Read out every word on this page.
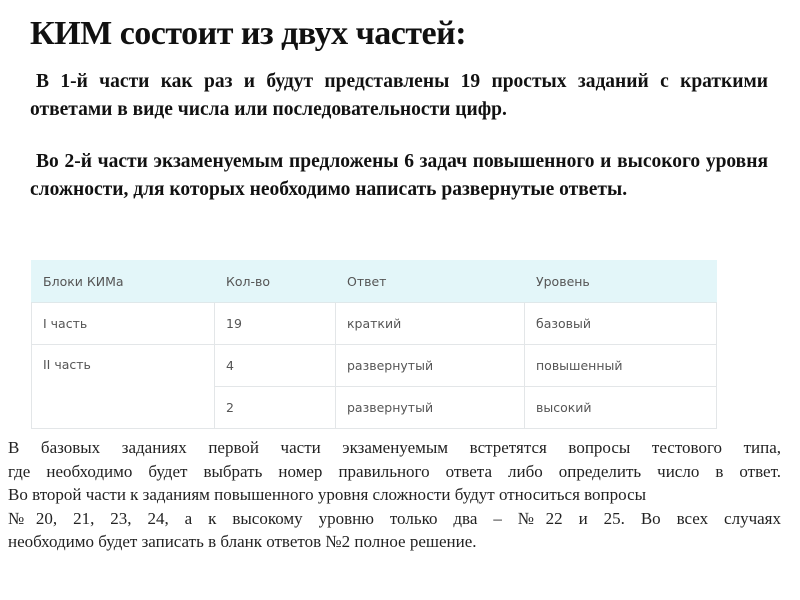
КИМ состоит из двух частей:

В 1-й части как раз и будут представлены 19 простых заданий с краткими ответами в виде числа или последовательности цифр.

Во 2-й части экзаменуемым предложены 6 задач повышенного и высокого уровня сложности, для которых необходимо написать развернутые ответы.

Блоки КИМа	Кол-во	Ответ	Уровень
I часть	19	краткий	базовый
II часть	4	развернутый	повышенный
	2	развернутый	высокий

В базовых заданиях первой части экзаменуемым встретятся вопросы тестового типа,
где необходимо будет выбрать номер правильного ответа либо определить число в ответ.
Во второй части к заданиям повышенного уровня сложности будут относиться вопросы
№20, 21, 23, 24, а к высокому уровню только два – №22 и 25. Во всех случаях
необходимо будет записать в бланк ответов №2 полное решение.
